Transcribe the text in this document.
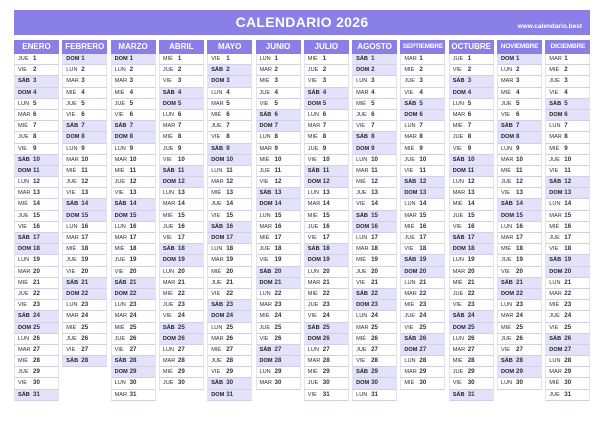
CALENDARIO 2026	www.calendario.best
ENERO
JUE 1
VIE 2
SÁB 3
DOM 4
LUN 5
MAR 6
MIÉ 7
JUE 8
VIE 9
SÁB 10
DOM 11
LUN 12
MAR 13
MIÉ 14
JUE 15
VIE 16
SÁB 17
DOM 18
LUN 19
MAR 20
MIÉ 21
JUE 22
VIE 23
SÁB 24
DOM 25
LUN 26
MAR 27
MIÉ 28
JUE 29
VIE 30
SÁB 31
FEBRERO
DOM 1
LUN 2
MAR 3
MIÉ 4
JUE 5
VIE 6
SÁB 7
DOM 8
LUN 9
MAR 10
MIÉ 11
JUE 12
VIE 13
SÁB 14
DOM 15
LUN 16
MAR 17
MIÉ 18
JUE 19
VIE 20
SÁB 21
DOM 22
LUN 23
MAR 24
MIÉ 25
JUE 26
VIE 27
SÁB 28
MARZO
DOM 1
LUN 2
MAR 3
MIÉ 4
JUE 5
VIE 6
SÁB 7
DOM 8
LUN 9
MAR 10
MIÉ 11
JUE 12
VIE 13
SÁB 14
DOM 15
LUN 16
MAR 17
MIÉ 18
JUE 19
VIE 20
SÁB 21
DOM 22
LUN 23
MAR 24
MIÉ 25
JUE 26
VIE 27
SÁB 28
DOM 29
LUN 30
MAR 31
ABRIL
MIÉ 1
JUE 2
VIE 3
SÁB 4
DOM 5
LUN 6
MAR 7
MIÉ 8
JUE 9
VIE 10
SÁB 11
DOM 12
LUN 13
MAR 14
MIÉ 15
JUE 16
VIE 17
SÁB 18
DOM 19
LUN 20
MAR 21
MIÉ 22
JUE 23
VIE 24
SÁB 25
DOM 26
LUN 27
MAR 28
MIÉ 29
JUE 30
MAYO
VIE 1
SÁB 2
DOM 3
LUN 4
MAR 5
MIÉ 6
JUE 7
VIE 8
SÁB 9
DOM 10
LUN 11
MAR 12
MIÉ 13
JUE 14
VIE 15
SÁB 16
DOM 17
LUN 18
MAR 19
MIÉ 20
JUE 21
VIE 22
SÁB 23
DOM 24
LUN 25
MAR 26
MIÉ 27
JUE 28
VIE 29
SÁB 30
DOM 31
JUNIO
LUN 1
MAR 2
MIÉ 3
JUE 4
VIE 5
SÁB 6
DOM 7
LUN 8
MAR 9
MIÉ 10
JUE 11
VIE 12
SÁB 13
DOM 14
LUN 15
MAR 16
MIÉ 17
JUE 18
VIE 19
SÁB 20
DOM 21
LUN 22
MAR 23
MIÉ 24
JUE 25
VIE 26
SÁB 27
DOM 28
LUN 29
MAR 30
JULIO
MIÉ 1
JUE 2
VIE 3
SÁB 4
DOM 5
LUN 6
MAR 7
MIÉ 8
JUE 9
VIE 10
SÁB 11
DOM 12
LUN 13
MAR 14
MIÉ 15
JUE 16
VIE 17
SÁB 18
DOM 19
LUN 20
MAR 21
MIÉ 22
JUE 23
VIE 24
SÁB 25
DOM 26
LUN 27
MAR 28
MIÉ 29
JUE 30
VIE 31
AGOSTO
SÁB 1
DOM 2
LUN 3
MAR 4
MIÉ 5
JUE 6
VIE 7
SÁB 8
DOM 9
LUN 10
MAR 11
MIÉ 12
JUE 13
VIE 14
SÁB 15
DOM 16
LUN 17
MAR 18
MIÉ 19
JUE 20
VIE 21
SÁB 22
DOM 23
LUN 24
MAR 25
MIÉ 26
JUE 27
VIE 28
SÁB 29
DOM 30
LUN 31
SEPTIEMBRE
MAR 1
MIÉ 2
JUE 3
VIE 4
SÁB 5
DOM 6
LUN 7
MAR 8
MIÉ 9
JUE 10
VIE 11
SÁB 12
DOM 13
LUN 14
MAR 15
MIÉ 16
JUE 17
VIE 18
SÁB 19
DOM 20
LUN 21
MAR 22
MIÉ 23
JUE 24
VIE 25
SÁB 26
DOM 27
LUN 28
MAR 29
MIÉ 30
OCTUBRE
JUE 1
VIE 2
SÁB 3
DOM 4
LUN 5
MAR 6
MIÉ 7
JUE 8
VIE 9
SÁB 10
DOM 11
LUN 12
MAR 13
MIÉ 14
JUE 15
VIE 16
SÁB 17
DOM 18
LUN 19
MAR 20
MIÉ 21
JUE 22
VIE 23
SÁB 24
DOM 25
LUN 26
MAR 27
MIÉ 28
JUE 29
VIE 30
SÁB 31
NOVIEMBRE
DOM 1
LUN 2
MAR 3
MIÉ 4
JUE 5
VIE 6
SÁB 7
DOM 8
LUN 9
MAR 10
MIÉ 11
JUE 12
VIE 13
SÁB 14
DOM 15
LUN 16
MAR 17
MIÉ 18
JUE 19
VIE 20
SÁB 21
DOM 22
LUN 23
MAR 24
MIÉ 25
JUE 26
VIE 27
SÁB 28
DOM 29
LUN 30
DICIEMBRE
MAR 1
MIÉ 2
JUE 3
VIE 4
SÁB 5
DOM 6
LUN 7
MAR 8
MIÉ 9
JUE 10
VIE 11
SÁB 12
DOM 13
LUN 14
MAR 15
MIÉ 16
JUE 17
VIE 18
SÁB 19
DOM 20
LUN 21
MAR 22
MIÉ 23
JUE 24
VIE 25
SÁB 26
DOM 27
LUN 28
MAR 29
MIÉ 30
JUE 31
